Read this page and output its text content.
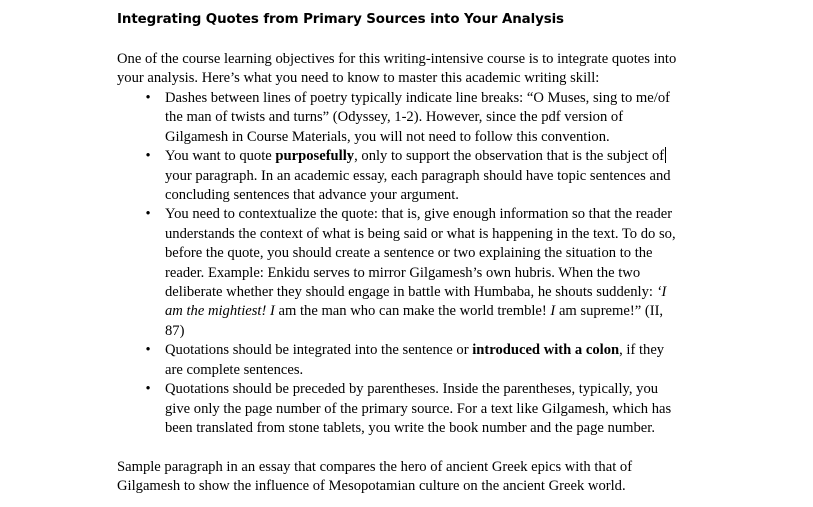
Integrating Quotes from Primary Sources into Your Analysis
One of the course learning objectives for this writing-intensive course is to integrate quotes into
your analysis. Here’s what you need to know to master this academic writing skill:
• Dashes between lines of poetry typically indicate line breaks: “O Muses, sing to me/of
the man of twists and turns” (Odyssey, 1-2). However, since the pdf version of
Gilgamesh in Course Materials, you will not need to follow this convention.
• You want to quote purposefully, only to support the observation that is the subject of
your paragraph. In an academic essay, each paragraph should have topic sentences and
concluding sentences that advance your argument.
• You need to contextualize the quote: that is, give enough information so that the reader
understands the context of what is being said or what is happening in the text. To do so,
before the quote, you should create a sentence or two explaining the situation to the
reader. Example: Enkidu serves to mirror Gilgamesh’s own hubris. When the two
deliberate whether they should engage in battle with Humbaba, he shouts suddenly: ‘I
am the mightiest! I am the man who can make the world tremble! I am supreme!” (II,
87)
• Quotations should be integrated into the sentence or introduced with a colon, if they
are complete sentences.
• Quotations should be preceded by parentheses. Inside the parentheses, typically, you
give only the page number of the primary source. For a text like Gilgamesh, which has
been translated from stone tablets, you write the book number and the page number.
Sample paragraph in an essay that compares the hero of ancient Greek epics with that of
Gilgamesh to show the influence of Mesopotamian culture on the ancient Greek world.
